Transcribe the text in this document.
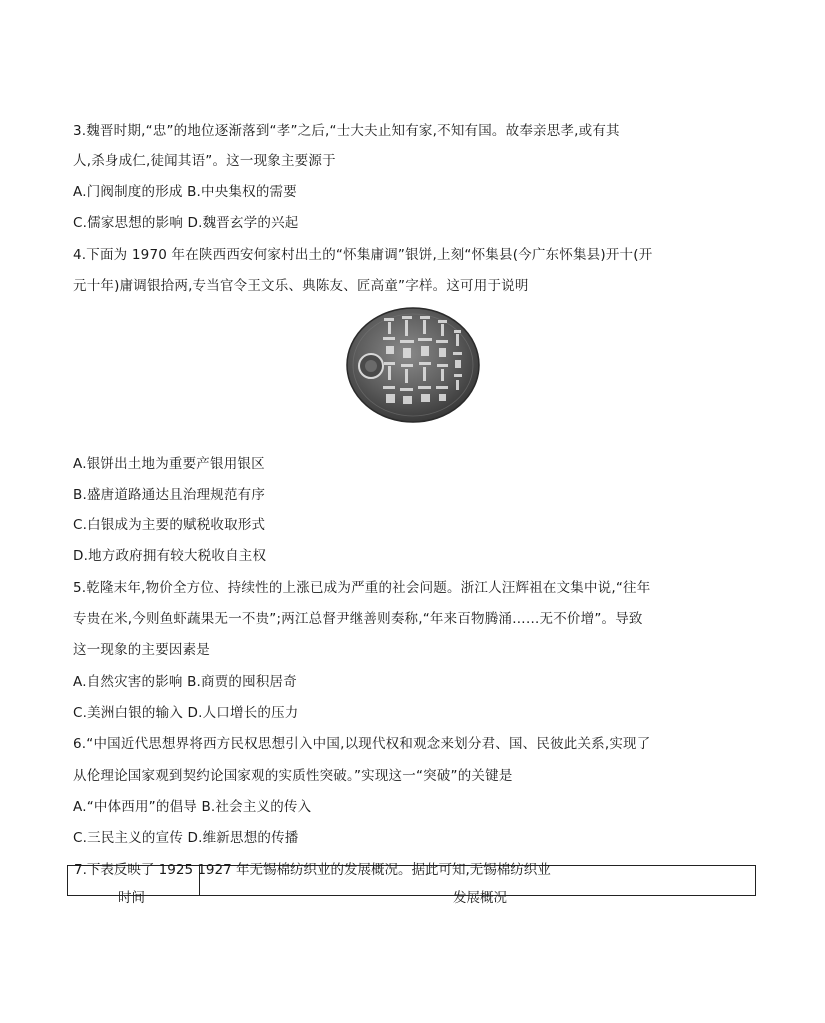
3.魏晋时期,“忠”的地位逐渐落到“孝”之后,“士大夫止知有家,不知有国。故奉亲思孝,或有其
人,杀身成仁,徒闻其语”。这一现象主要源于
A.门阀制度的形成 B.中央集权的需要
C.儒家思想的影响 D.魏晋玄学的兴起
4.下面为 1970 年在陕西西安何家村出土的“怀集庸调”银饼,上刻“怀集县(今广东怀集县)开十(开
元十年)庸调银拾两,专当官令王文乐、典陈友、匠高童”字样。这可用于说明
A.银饼出土地为重要产银用银区
B.盛唐道路通达且治理规范有序
C.白银成为主要的赋税收取形式
D.地方政府拥有较大税收自主权
5.乾隆末年,物价全方位、持续性的上涨已成为严重的社会问题。浙江人汪辉祖在文集中说,“往年
专贵在米,今则鱼虾蔬果无一不贵”;两江总督尹继善则奏称,“年来百物腾涌……无不价增”。导致
这一现象的主要因素是
A.自然灾害的影响 B.商贾的囤积居奇
C.美洲白银的输入 D.人口增长的压力
6.“中国近代思想界将西方民权思想引入中国,以现代权和观念来划分君、国、民彼此关系,实现了
从伦理论国家观到契约论国家观的实质性突破。”实现这一“突破”的关键是
A.“中体西用”的倡导 B.社会主义的传入
C.三民主义的宣传 D.维新思想的传播
7.下表反映了 1925 1927 年无锡棉纺织业的发展概况。据此可知,无锡棉纺织业
时间	发展概况
